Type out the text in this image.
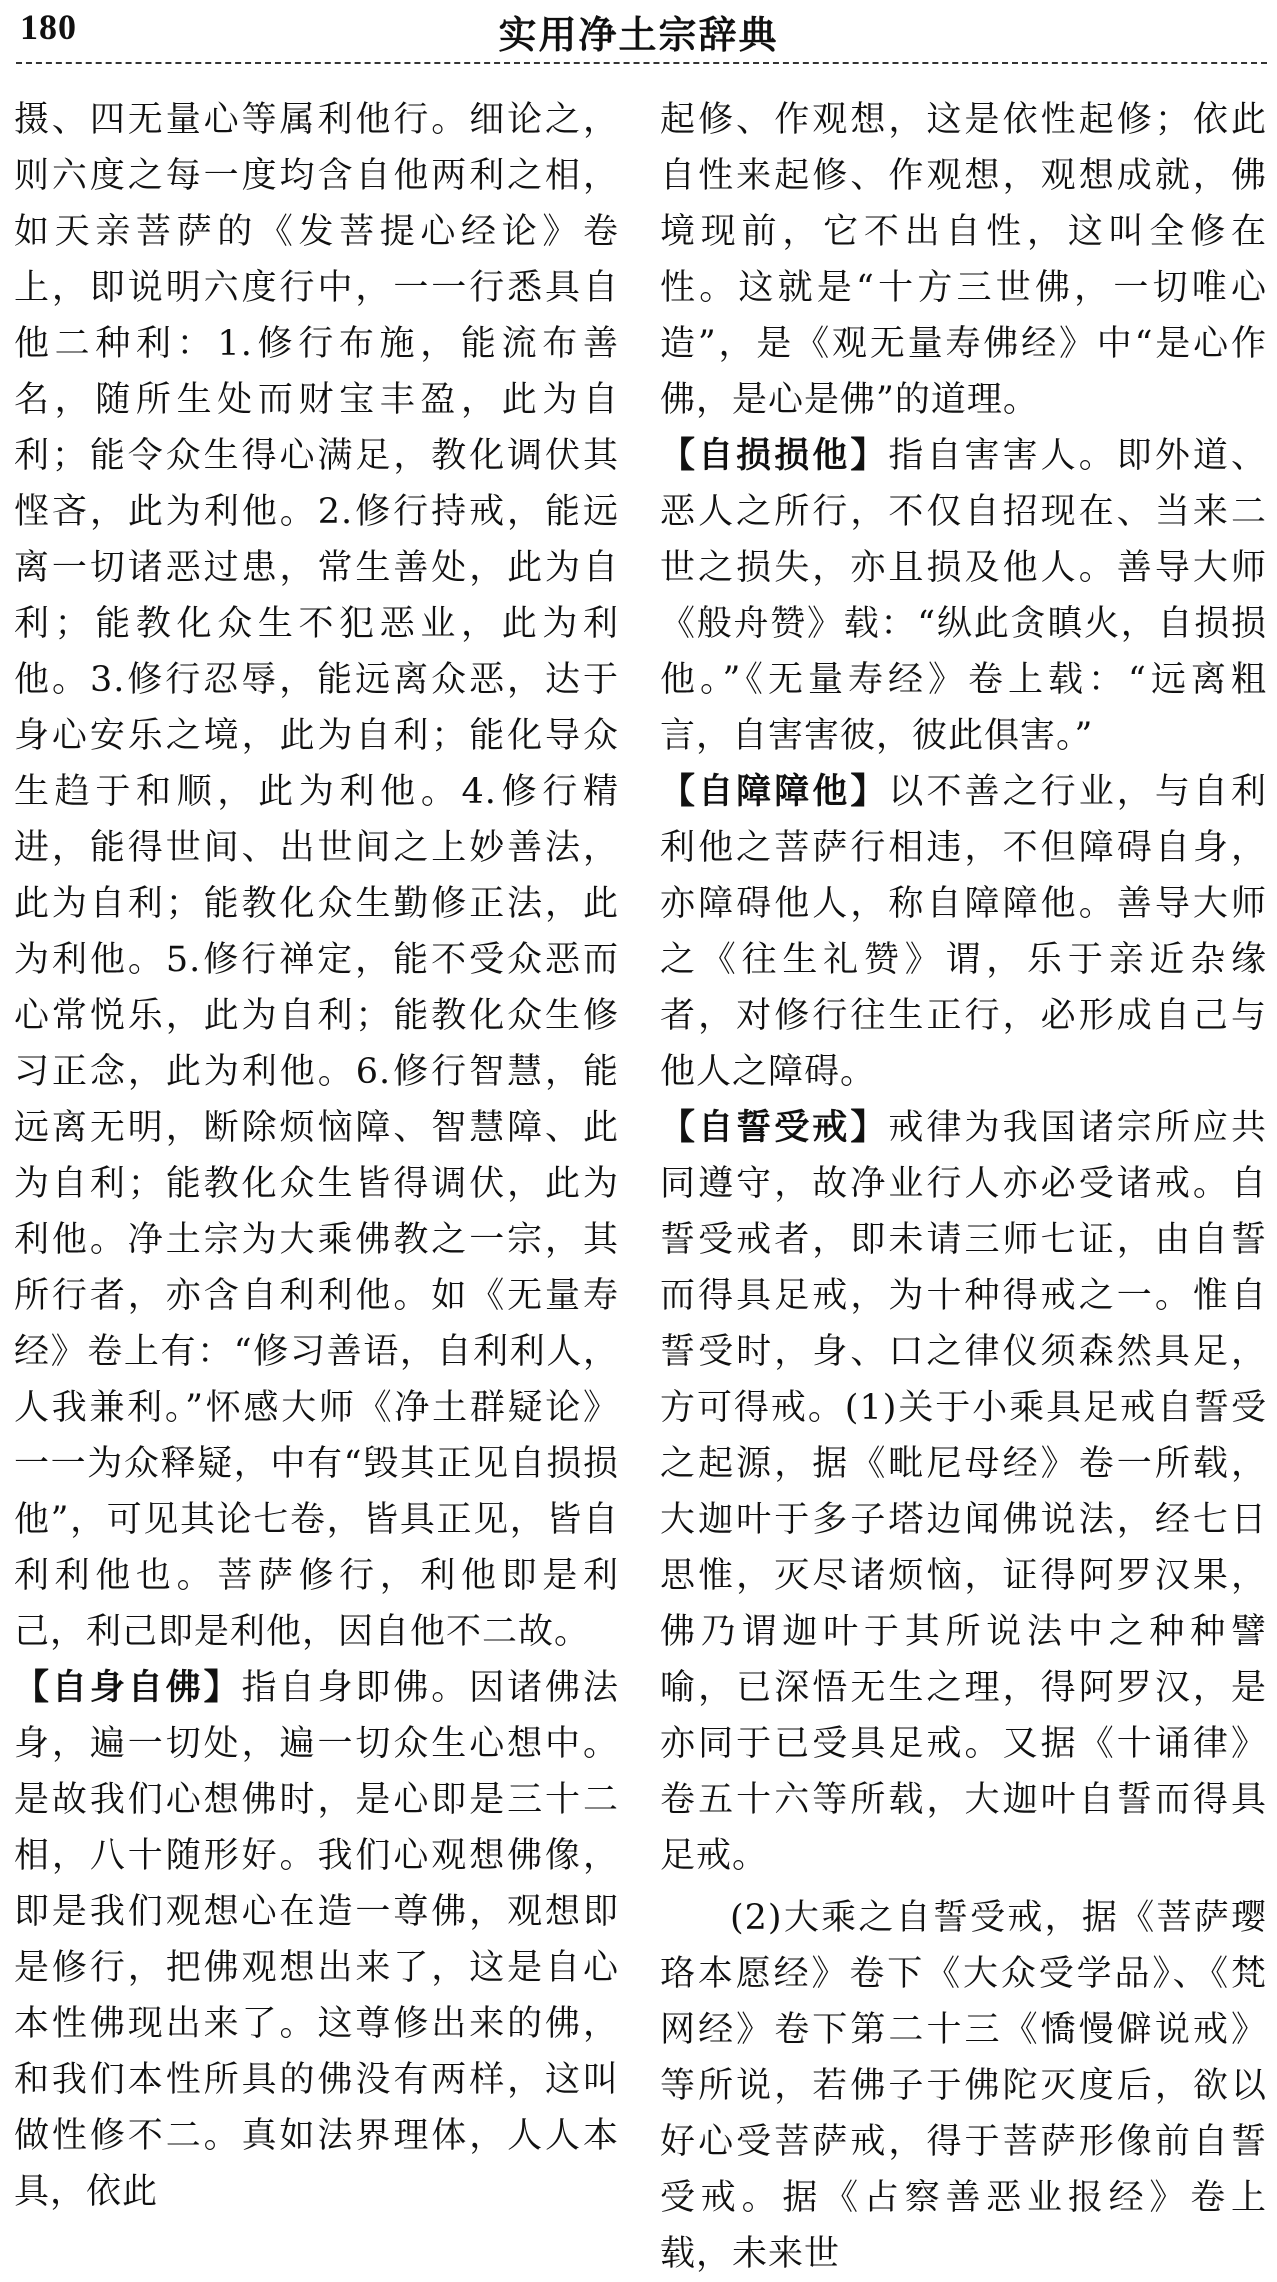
180	实用净土宗辞典

摄、四无量心等属利他行。细论之，则六度之每一度均含自他两利之相，如天亲菩萨的《发菩提心经论》卷上，即说明六度行中，一一行悉具自他二种利：1.修行布施，能流布善名，随所生处而财宝丰盈，此为自利；能令众生得心满足，教化调伏其悭吝，此为利他。2.修行持戒，能远离一切诸恶过患，常生善处，此为自利；能教化众生不犯恶业，此为利他。3.修行忍辱，能远离众恶，达于身心安乐之境，此为自利；能化导众生趋于和顺，此为利他。4.修行精进，能得世间、出世间之上妙善法，此为自利；能教化众生勤修正法，此为利他。5.修行禅定，能不受众恶而心常悦乐，此为自利；能教化众生修习正念，此为利他。6.修行智慧，能远离无明，断除烦恼障、智慧障、此为自利；能教化众生皆得调伏，此为利他。净土宗为大乘佛教之一宗，其所行者，亦含自利利他。如《无量寿经》卷上有：“修习善语，自利利人，人我兼利。”怀感大师《净土群疑论》一一为众释疑，中有“毁其正见自损损他”，可见其论七卷，皆具正见，皆自利利他也。菩萨修行，利他即是利己，利己即是利他，因自他不二故。

【自身自佛】指自身即佛。因诸佛法身，遍一切处，遍一切众生心想中。是故我们心想佛时，是心即是三十二相，八十随形好。我们心观想佛像，即是我们观想心在造一尊佛，观想即是修行，把佛观想出来了，这是自心本性佛现出来了。这尊修出来的佛，和我们本性所具的佛没有两样，这叫做性修不二。真如法界理体，人人本具，依此

起修、作观想，这是依性起修；依此自性来起修、作观想，观想成就，佛境现前，它不出自性，这叫全修在性。这就是“十方三世佛，一切唯心造”，是《观无量寿佛经》中“是心作佛，是心是佛”的道理。

【自损损他】指自害害人。即外道、恶人之所行，不仅自招现在、当来二世之损失，亦且损及他人。善导大师《般舟赞》载：“纵此贪瞋火，自损损他。”《无量寿经》卷上载：“远离粗言，自害害彼，彼此俱害。”

【自障障他】以不善之行业，与自利利他之菩萨行相违，不但障碍自身，亦障碍他人，称自障障他。善导大师之《往生礼赞》谓，乐于亲近杂缘者，对修行往生正行，必形成自己与他人之障碍。

【自誓受戒】戒律为我国诸宗所应共同遵守，故净业行人亦必受诸戒。自誓受戒者，即未请三师七证，由自誓而得具足戒，为十种得戒之一。惟自誓受时，身、口之律仪须森然具足，方可得戒。(1)关于小乘具足戒自誓受之起源，据《毗尼母经》卷一所载，大迦叶于多子塔边闻佛说法，经七日思惟，灭尽诸烦恼，证得阿罗汉果，佛乃谓迦叶于其所说法中之种种譬喻，已深悟无生之理，得阿罗汉，是亦同于已受具足戒。又据《十诵律》卷五十六等所载，大迦叶自誓而得具足戒。

(2)大乘之自誓受戒，据《菩萨璎珞本愿经》卷下《大众受学品》、《梵网经》卷下第二十三《憍慢僻说戒》等所说，若佛子于佛陀灭度后，欲以好心受菩萨戒，得于菩萨形像前自誓受戒。据《占察善恶业报经》卷上载，未来世
